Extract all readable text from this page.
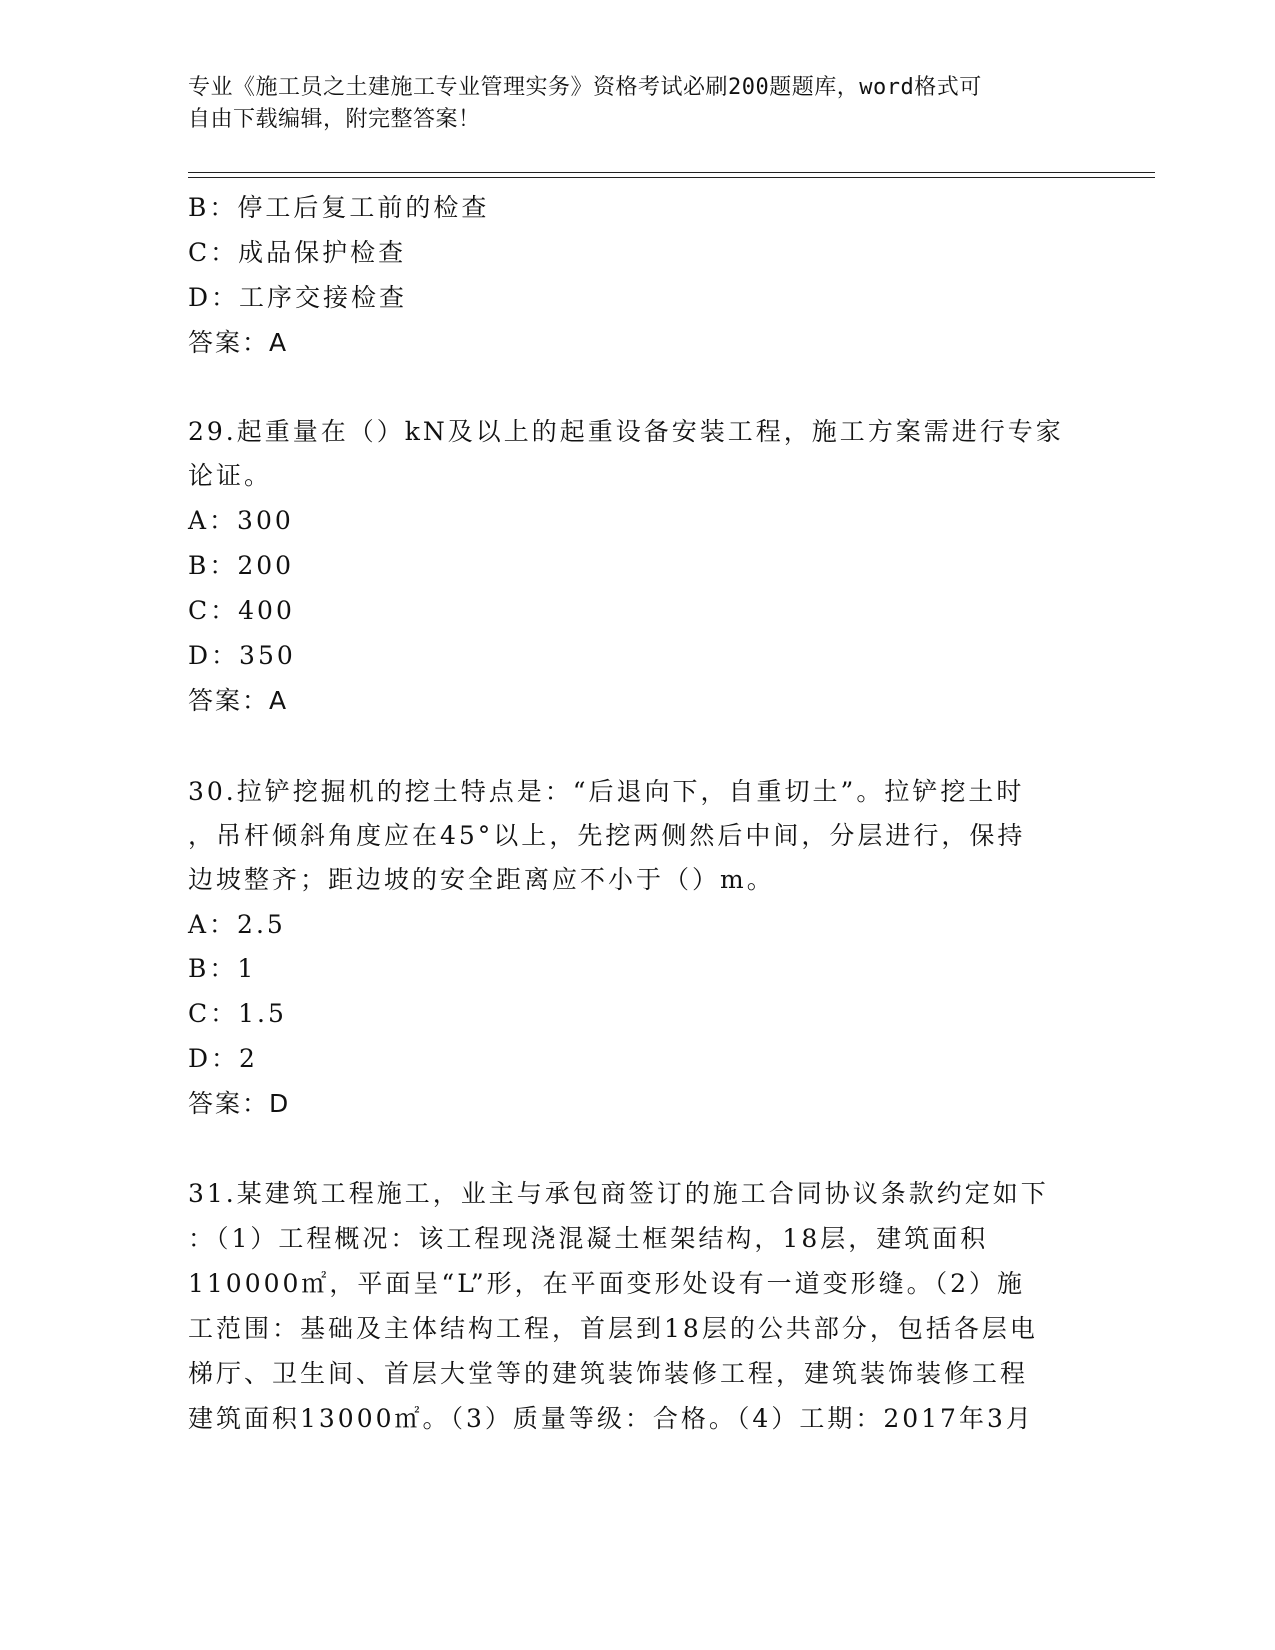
专业《施工员之土建施工专业管理实务》资格考试必刷200题题库，word格式可
自由下载编辑，附完整答案！
B：停工后复工前的检查
C：成品保护检查
D：工序交接检查
答案：A
29.起重量在（）kN及以上的起重设备安装工程，施工方案需进行专家
论证。
A：300
B：200
C：400
D：350
答案：A
30.拉铲挖掘机的挖土特点是：“后退向下，自重切土”。拉铲挖土时
，吊杆倾斜角度应在45°以上，先挖两侧然后中间，分层进行，保持
边坡整齐；距边坡的安全距离应不小于（）m。
A：2.5
B：1
C：1.5
D：2
答案：D
31.某建筑工程施工，业主与承包商签订的施工合同协议条款约定如下
：（1）工程概况：该工程现浇混凝土框架结构，18层，建筑面积
110000㎡，平面呈“L”形，在平面变形处设有一道变形缝。（2）施
工范围：基础及主体结构工程，首层到18层的公共部分，包括各层电
梯厅、卫生间、首层大堂等的建筑装饰装修工程，建筑装饰装修工程
建筑面积13000㎡。（3）质量等级：合格。（4）工期：2017年3月
